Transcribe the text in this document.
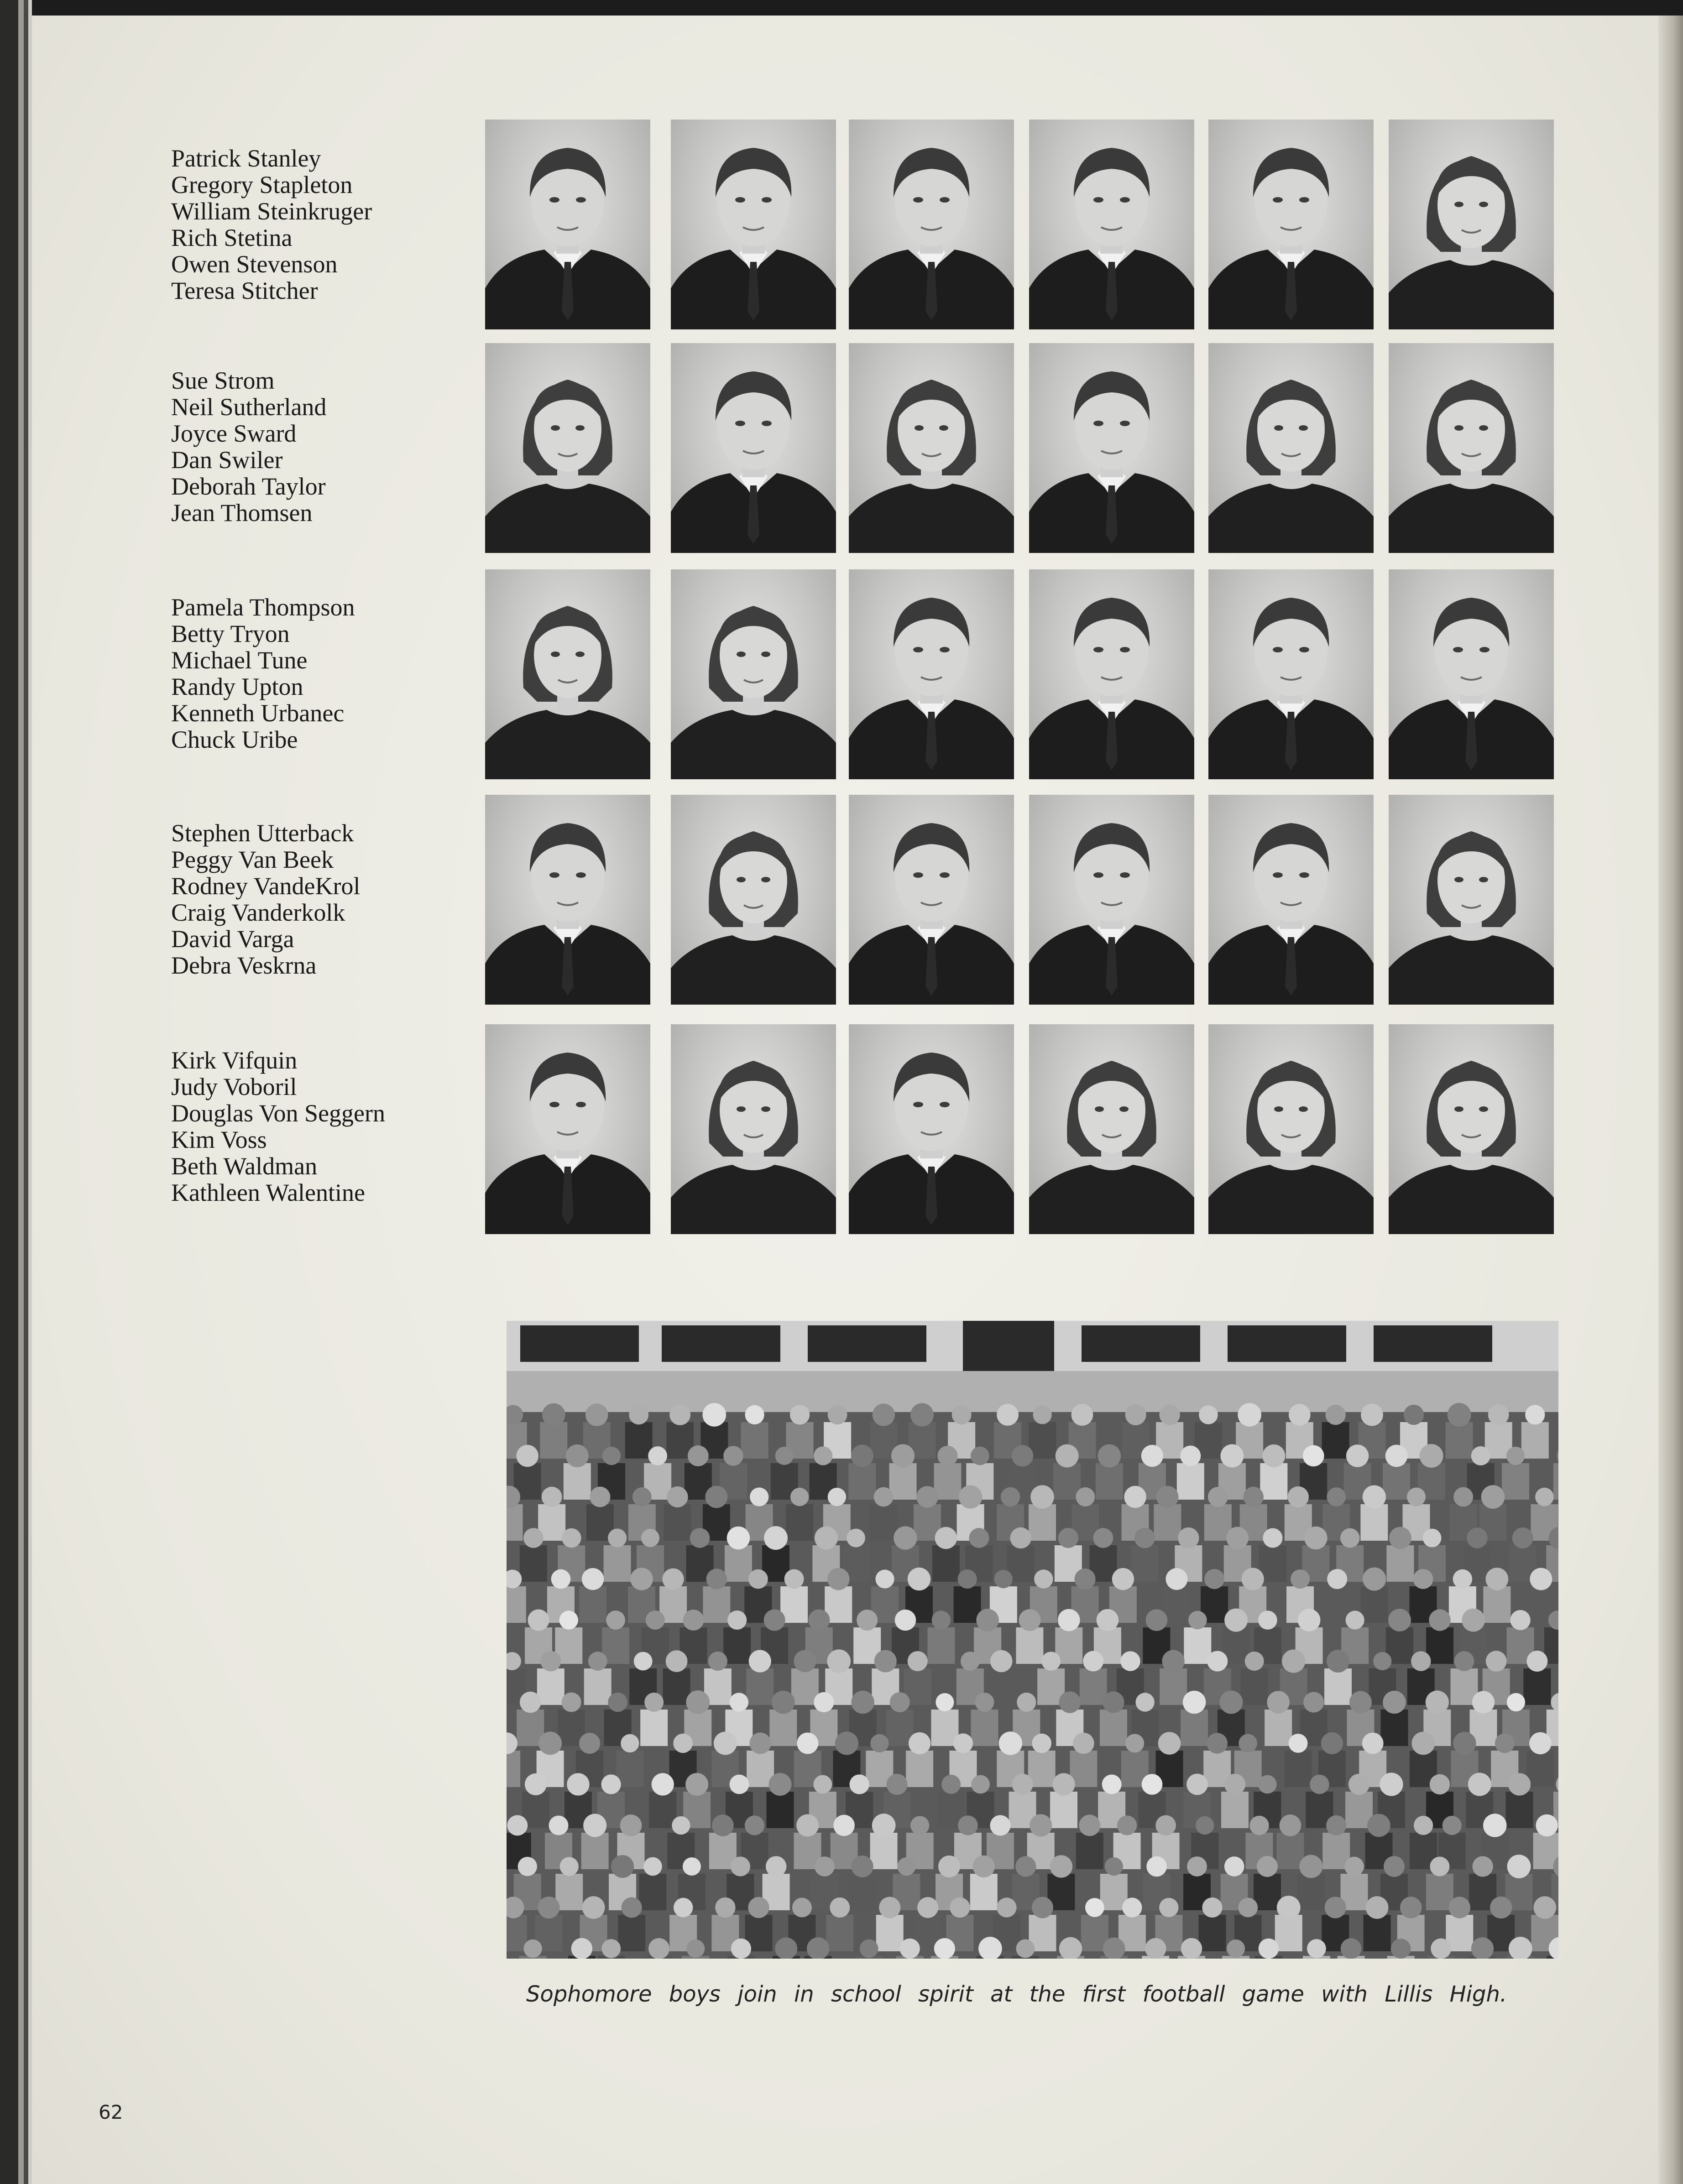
Patrick Stanley
Gregory Stapleton
William Steinkruger
Rich Stetina
Owen Stevenson
Teresa Stitcher
Sue Strom
Neil Sutherland
Joyce Sward
Dan Swiler
Deborah Taylor
Jean Thomsen
Pamela Thompson
Betty Tryon
Michael Tune
Randy Upton
Kenneth Urbanec
Chuck Uribe
Stephen Utterback
Peggy Van Beek
Rodney VandeKrol
Craig Vanderkolk
David Varga
Debra Veskrna
Kirk Vifquin
Judy Voboril
Douglas Von Seggern
Kim Voss
Beth Waldman
Kathleen Walentine

Sophomore boys join in school spirit at the first football game with Lillis High.

62
